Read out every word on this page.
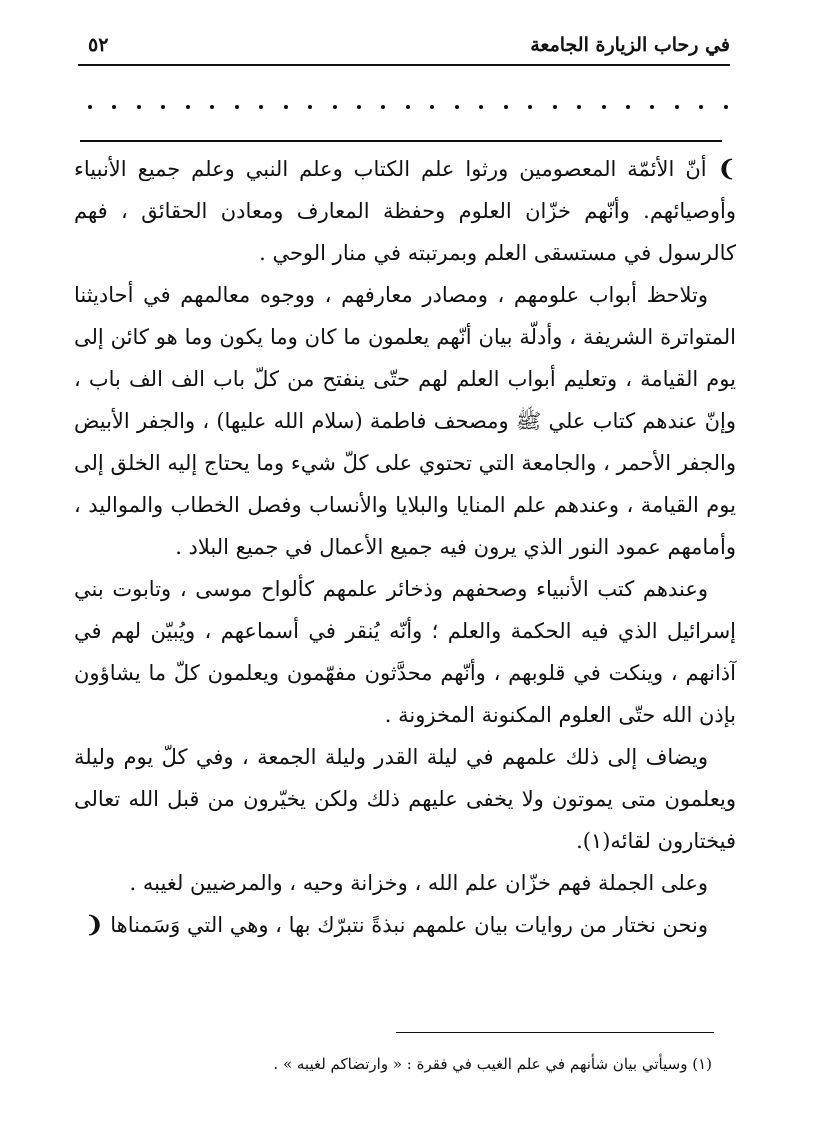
في رحاب الزيارة الجامعة
٥٢

❩ أنّ الأئمّة المعصومين ورثوا علم الكتاب وعلم النبي وعلم جميع الأنبياء وأوصيائهم. وأنّهم خزّان العلوم وحفظة المعارف ومعادن الحقائق ، فهم كالرسول في مستسقى العلم وبمرتبته في منار الوحي .

وتلاحظ أبواب علومهم ، ومصادر معارفهم ، ووجوه معالمهم في أحاديثنا المتواترة الشريفة ، وأدلّة بيان أنّهم يعلمون ما كان وما يكون وما هو كائن إلى يوم القيامة ، وتعليم أبواب العلم لهم حتّى ينفتح من كلّ باب الف الف باب ، وإنّ عندهم كتاب علي ﷺ ومصحف فاطمة (سلام الله عليها) ، والجفر الأبيض والجفر الأحمر ، والجامعة التي تحتوي على كلّ شيء وما يحتاج إليه الخلق إلى يوم القيامة ، وعندهم علم المنايا والبلايا والأنساب وفصل الخطاب والمواليد ، وأمامهم عمود النور الذي يرون فيه جميع الأعمال في جميع البلاد .

وعندهم كتب الأنبياء وصحفهم وذخائر علمهم كألواح موسى ، وتابوت بني إسرائيل الذي فيه الحكمة والعلم ؛ وأنّه يُنقر في أسماعهم ، ويُبيّن لهم في آذانهم ، وينكت في قلوبهم ، وأنّهم محدَّثون مفهّمون ويعلمون كلّ ما يشاؤون بإذن الله حتّى العلوم المكنونة المخزونة .

ويضاف إلى ذلك علمهم في ليلة القدر وليلة الجمعة ، وفي كلّ يوم وليلة ويعلمون متى يموتون ولا يخفى عليهم ذلك ولكن يخيّرون من قبل الله تعالى فيختارون لقائه(١).

وعلى الجملة فهم خزّان علم الله ، وخزانة وحيه ، والمرضيين لغيبه .

ونحن نختار من روايات بيان علمهم نبذةً نتبرّك بها ، وهي التي وَسَمناها ❨

(١) وسيأتي بيان شأنهم في علم الغيب في فقرة : « وارتضاكم لغيبه » .
